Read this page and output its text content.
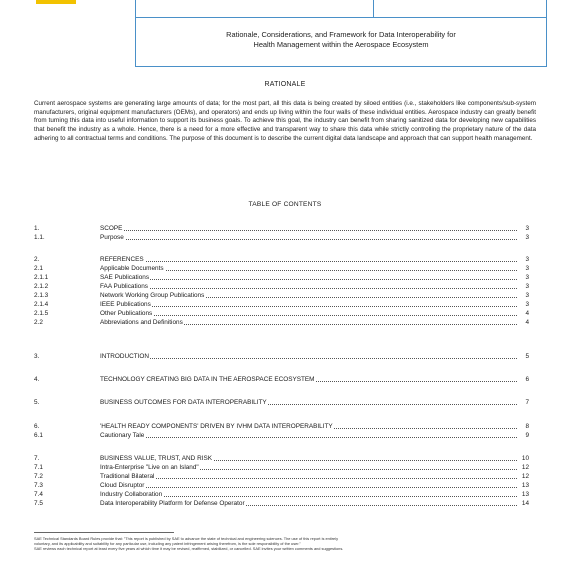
Rationale, Considerations, and Framework for Data Interoperability for
Health Management within the Aerospace Ecosystem
RATIONALE
Current aerospace systems are generating large amounts of data; for the most part, all this data is being created by siloed entities (i.e., stakeholders like components/sub-system manufacturers, original equipment manufacturers (OEMs), and operators) and ends up living within the four walls of these individual entities. Aerospace industry can greatly benefit from turning this data into useful information to support its business goals. To achieve this goal, the industry can benefit from sharing sanitized data for developing new capabilities that benefit the industry as a whole. Hence, there is a need for a more effective and transparent way to share this data while strictly controlling the proprietary nature of the data adhering to all contractual terms and conditions. The purpose of this document is to describe the current digital data landscape and approach that can support health management.
TABLE OF CONTENTS
1.	SCOPE	3
1.1.	Purpose	3
2.	REFERENCES	3
2.1	Applicable Documents	3
2.1.1	SAE Publications	3
2.1.2	FAA Publications	3
2.1.3	Network Working Group Publications	3
2.1.4	IEEE Publications	3
2.1.5	Other Publications	4
2.2	Abbreviations and Definitions	4
3.	INTRODUCTION	5
4.	TECHNOLOGY CREATING BIG DATA IN THE AEROSPACE ECOSYSTEM	6
5.	BUSINESS OUTCOMES FOR DATA INTEROPERABILITY	7
6.	'HEALTH READY COMPONENTS' DRIVEN BY IVHM DATA INTEROPERABILITY	8
6.1	Cautionary Tale	9
7.	BUSINESS VALUE, TRUST, AND RISK	10
7.1	Intra-Enterprise "Live on an Island"	12
7.2	Traditional Bilateral	12
7.3	Cloud Disruptor	13
7.4	Industry Collaboration	13
7.5	Data Interoperability Platform for Defense Operator	14
SAE Technical Standards Board Rules provide that: "This report is published by SAE to advance the state of technical and engineering sciences. The use of this report is entirely
voluntary, and its applicability and suitability for any particular use, including any patent infringement arising therefrom, is the sole responsibility of the user."
SAE reviews each technical report at least every five years at which time it may be revised, reaffirmed, stabilized, or cancelled. SAE invites your written comments and suggestions.
